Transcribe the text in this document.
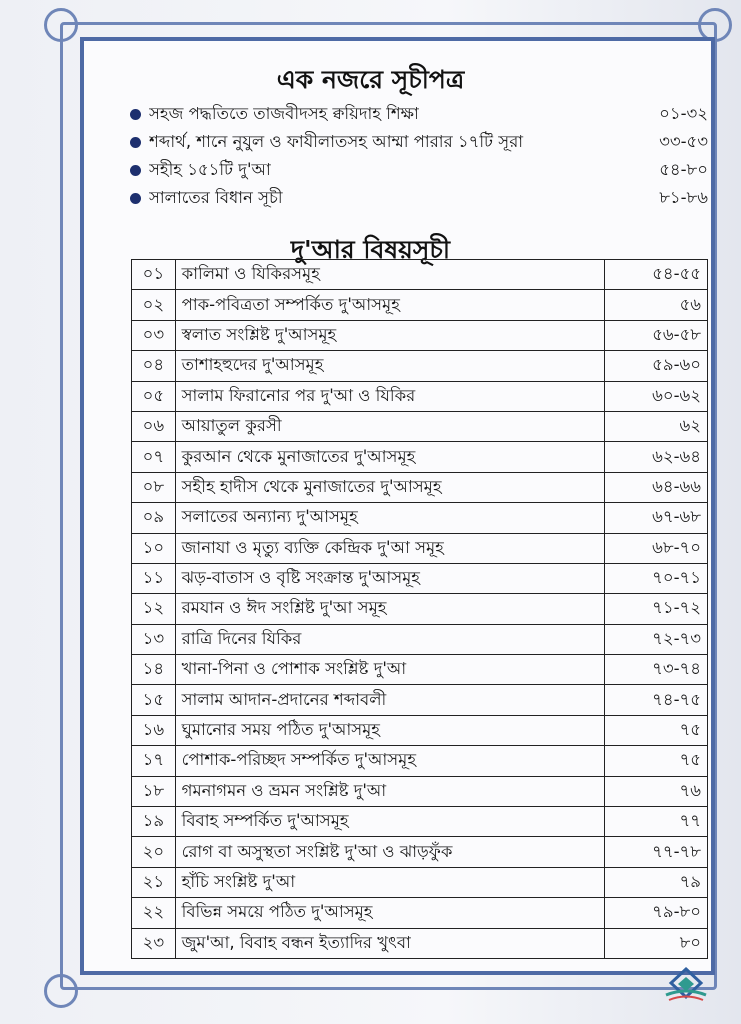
এক নজরে সূচীপত্র
সহজ পদ্ধতিতে তাজবীদসহ ক্বয়িদাহ শিক্ষা	০১-৩২
শব্দার্থ, শানে নুযুল ও ফাযীলাতসহ আম্মা পারার ১৭টি সূরা	৩৩-৫৩
সহীহ ১৫১টি দু'আ	৫৪-৮০
সালাতের বিধান সূচী	৮১-৮৬
দু'আর বিষয়সূচী
০১	কালিমা ও যিকিরসমূহ	৫৪-৫৫
০২	পাক-পবিত্রতা সম্পর্কিত দু'আসমূহ	৫৬
০৩	স্বলাত সংশ্লিষ্ট দু'আসমূহ	৫৬-৫৮
০৪	তাশাহহুদের দু'আসমূহ	৫৯-৬০
০৫	সালাম ফিরানোর পর দু'আ ও যিকির	৬০-৬২
০৬	আয়াতুল কুরসী	৬২
০৭	কুরআন থেকে মুনাজাতের দু'আসমূহ	৬২-৬৪
০৮	সহীহ হাদীস থেকে মুনাজাতের দু'আসমূহ	৬৪-৬৬
০৯	সলাতের অন্যান্য দু'আসমূহ	৬৭-৬৮
১০	জানাযা ও মৃত্যু ব্যক্তি কেন্দ্রিক দু'আ সমূহ	৬৮-৭০
১১	ঝড়-বাতাস ও বৃষ্টি সংক্রান্ত দু'আসমূহ	৭০-৭১
১২	রমযান ও ঈদ সংশ্লিষ্ট দু'আ সমূহ	৭১-৭২
১৩	রাত্রি দিনের যিকির	৭২-৭৩
১৪	খানা-পিনা ও পোশাক সংশ্লিষ্ট দু'আ	৭৩-৭৪
১৫	সালাম আদান-প্রদানের শব্দাবলী	৭৪-৭৫
১৬	ঘুমানোর সময় পঠিত দু'আসমূহ	৭৫
১৭	পোশাক-পরিচ্ছদ সম্পর্কিত দু'আসমূহ	৭৫
১৮	গমনাগমন ও ভ্রমন সংশ্লিষ্ট দু'আ	৭৬
১৯	বিবাহ সম্পর্কিত দু'আসমূহ	৭৭
২০	রোগ বা অসুস্থতা সংশ্লিষ্ট দু'আ ও ঝাড়ফুঁক	৭৭-৭৮
২১	হাঁচি সংশ্লিষ্ট দু'আ	৭৯
২২	বিভিন্ন সময়ে পঠিত দু'আসমূহ	৭৯-৮০
২৩	জুম'আ, বিবাহ বন্ধন ইত্যাদির খুৎবা	৮০
